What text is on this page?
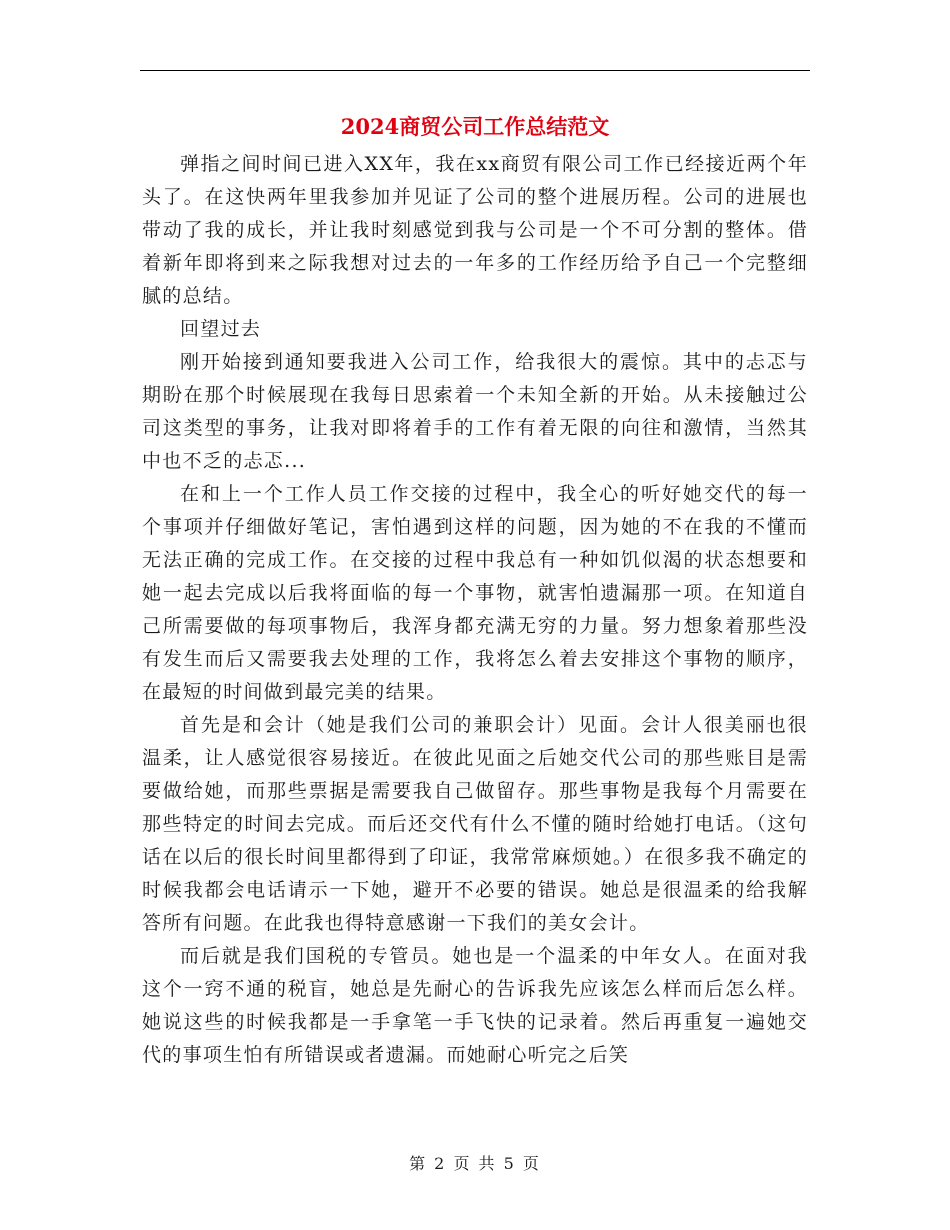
2024商贸公司工作总结范文

弹指之间时间已进入XX年，我在xx商贸有限公司工作已经接近两个年头了。在这快两年里我参加并见证了公司的整个进展历程。公司的进展也带动了我的成长，并让我时刻感觉到我与公司是一个不可分割的整体。借着新年即将到来之际我想对过去的一年多的工作经历给予自己一个完整细腻的总结。

回望过去

刚开始接到通知要我进入公司工作，给我很大的震惊。其中的忐忑与期盼在那个时候展现在我每日思索着一个未知全新的开始。从未接触过公司这类型的事务，让我对即将着手的工作有着无限的向往和激情，当然其中也不乏的忐忑...

在和上一个工作人员工作交接的过程中，我全心的听好她交代的每一个事项并仔细做好笔记，害怕遇到这样的问题，因为她的不在我的不懂而无法正确的完成工作。在交接的过程中我总有一种如饥似渴的状态想要和她一起去完成以后我将面临的每一个事物，就害怕遗漏那一项。在知道自己所需要做的每项事物后，我浑身都充满无穷的力量。努力想象着那些没有发生而后又需要我去处理的工作，我将怎么着去安排这个事物的顺序，在最短的时间做到最完美的结果。

首先是和会计（她是我们公司的兼职会计）见面。会计人很美丽也很温柔，让人感觉很容易接近。在彼此见面之后她交代公司的那些账目是需要做给她，而那些票据是需要我自己做留存。那些事物是我每个月需要在那些特定的时间去完成。而后还交代有什么不懂的随时给她打电话。（这句话在以后的很长时间里都得到了印证，我常常麻烦她。）在很多我不确定的时候我都会电话请示一下她，避开不必要的错误。她总是很温柔的给我解答所有问题。在此我也得特意感谢一下我们的美女会计。

而后就是我们国税的专管员。她也是一个温柔的中年女人。在面对我这个一窍不通的税盲，她总是先耐心的告诉我先应该怎么样而后怎么样。她说这些的时候我都是一手拿笔一手飞快的记录着。然后再重复一遍她交代的事项生怕有所错误或者遗漏。而她耐心听完之后笑

第 2 页 共 5 页
